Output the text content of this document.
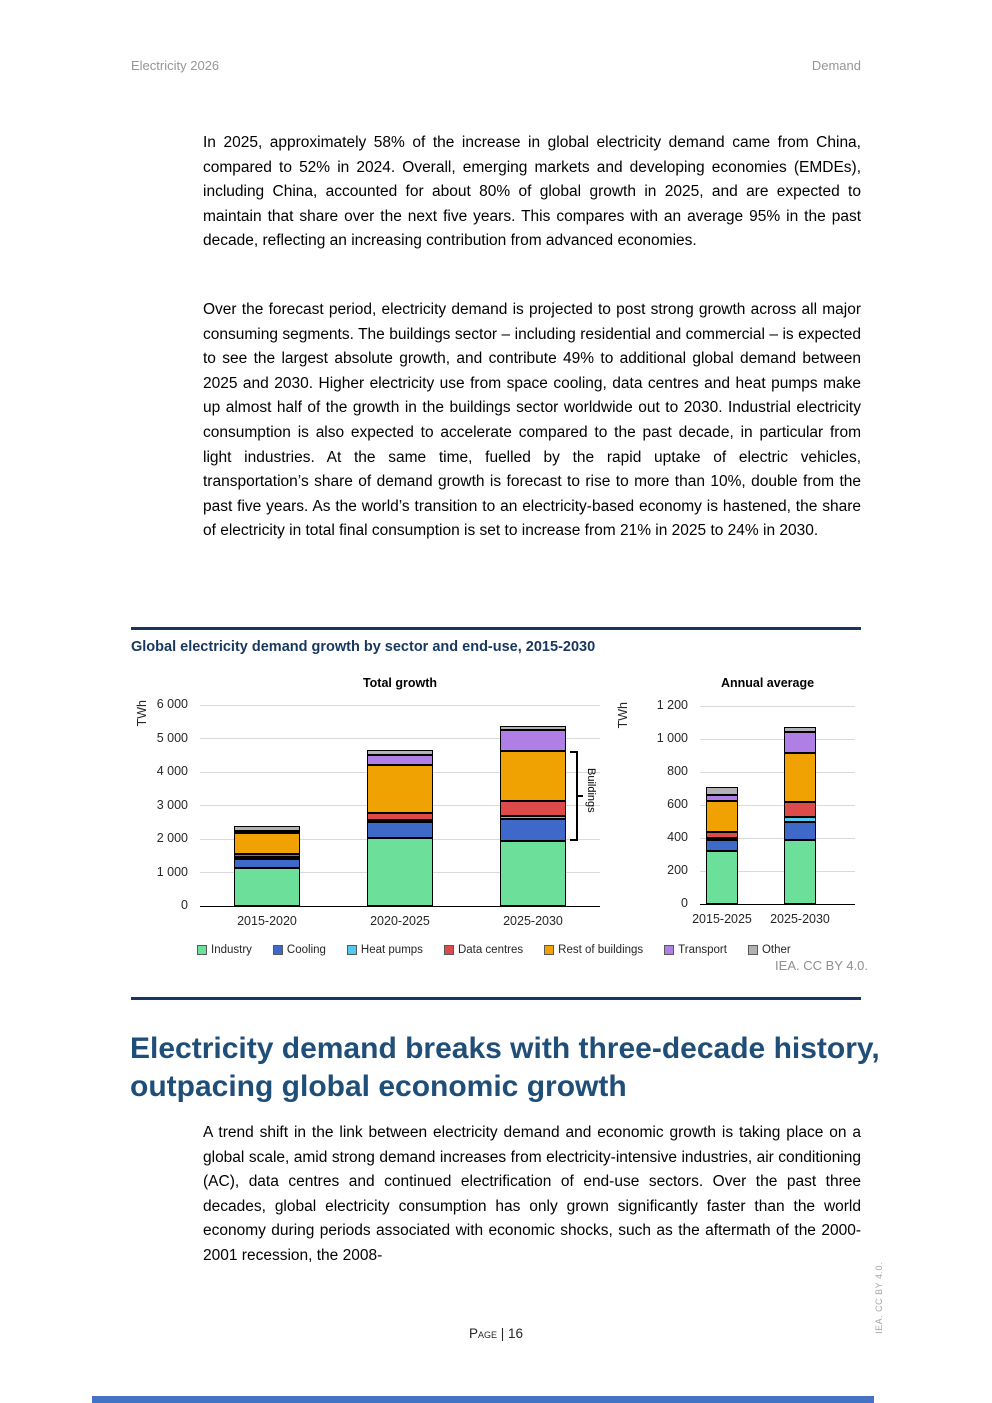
Electricity 2026	Demand
In 2025, approximately 58% of the increase in global electricity demand came from China, compared to 52% in 2024. Overall, emerging markets and developing economies (EMDEs), including China, accounted for about 80% of global growth in 2025, and are expected to maintain that share over the next five years. This compares with an average 95% in the past decade, reflecting an increasing contribution from advanced economies.
Over the forecast period, electricity demand is projected to post strong growth across all major consuming segments. The buildings sector – including residential and commercial – is expected to see the largest absolute growth, and contribute 49% to additional global demand between 2025 and 2030. Higher electricity use from space cooling, data centres and heat pumps make up almost half of the growth in the buildings sector worldwide out to 2030. Industrial electricity consumption is also expected to accelerate compared to the past decade, in particular from light industries. At the same time, fuelled by the rapid uptake of electric vehicles, transportation’s share of demand growth is forecast to rise to more than 10%, double from the past five years. As the world’s transition to an electricity-based economy is hastened, the share of electricity in total final consumption is set to increase from 21% in 2025 to 24% in 2030.
Global electricity demand growth by sector and end-use, 2015-2030
Total growth
TWh
0
1 000
2 000
3 000
4 000
5 000
6 000
2015-2020	2020-2025	2025-2030
Buildings
Annual average
TWh
0
200
400
600
800
1 000
1 200
2015-2025	2025-2030
Industry	Cooling	Heat pumps	Data centres	Rest of buildings	Transport	Other
IEA. CC BY 4.0.
Electricity demand breaks with three-decade history, outpacing global economic growth
A trend shift in the link between electricity demand and economic growth is taking place on a global scale, amid strong demand increases from electricity-intensive industries, air conditioning (AC), data centres and continued electrification of end-use sectors. Over the past three decades, global electricity consumption has only grown significantly faster than the world economy during periods associated with economic shocks, such as the aftermath of the 2000-2001 recession, the 2008-
Page | 16	IEA. CC BY 4.0.
